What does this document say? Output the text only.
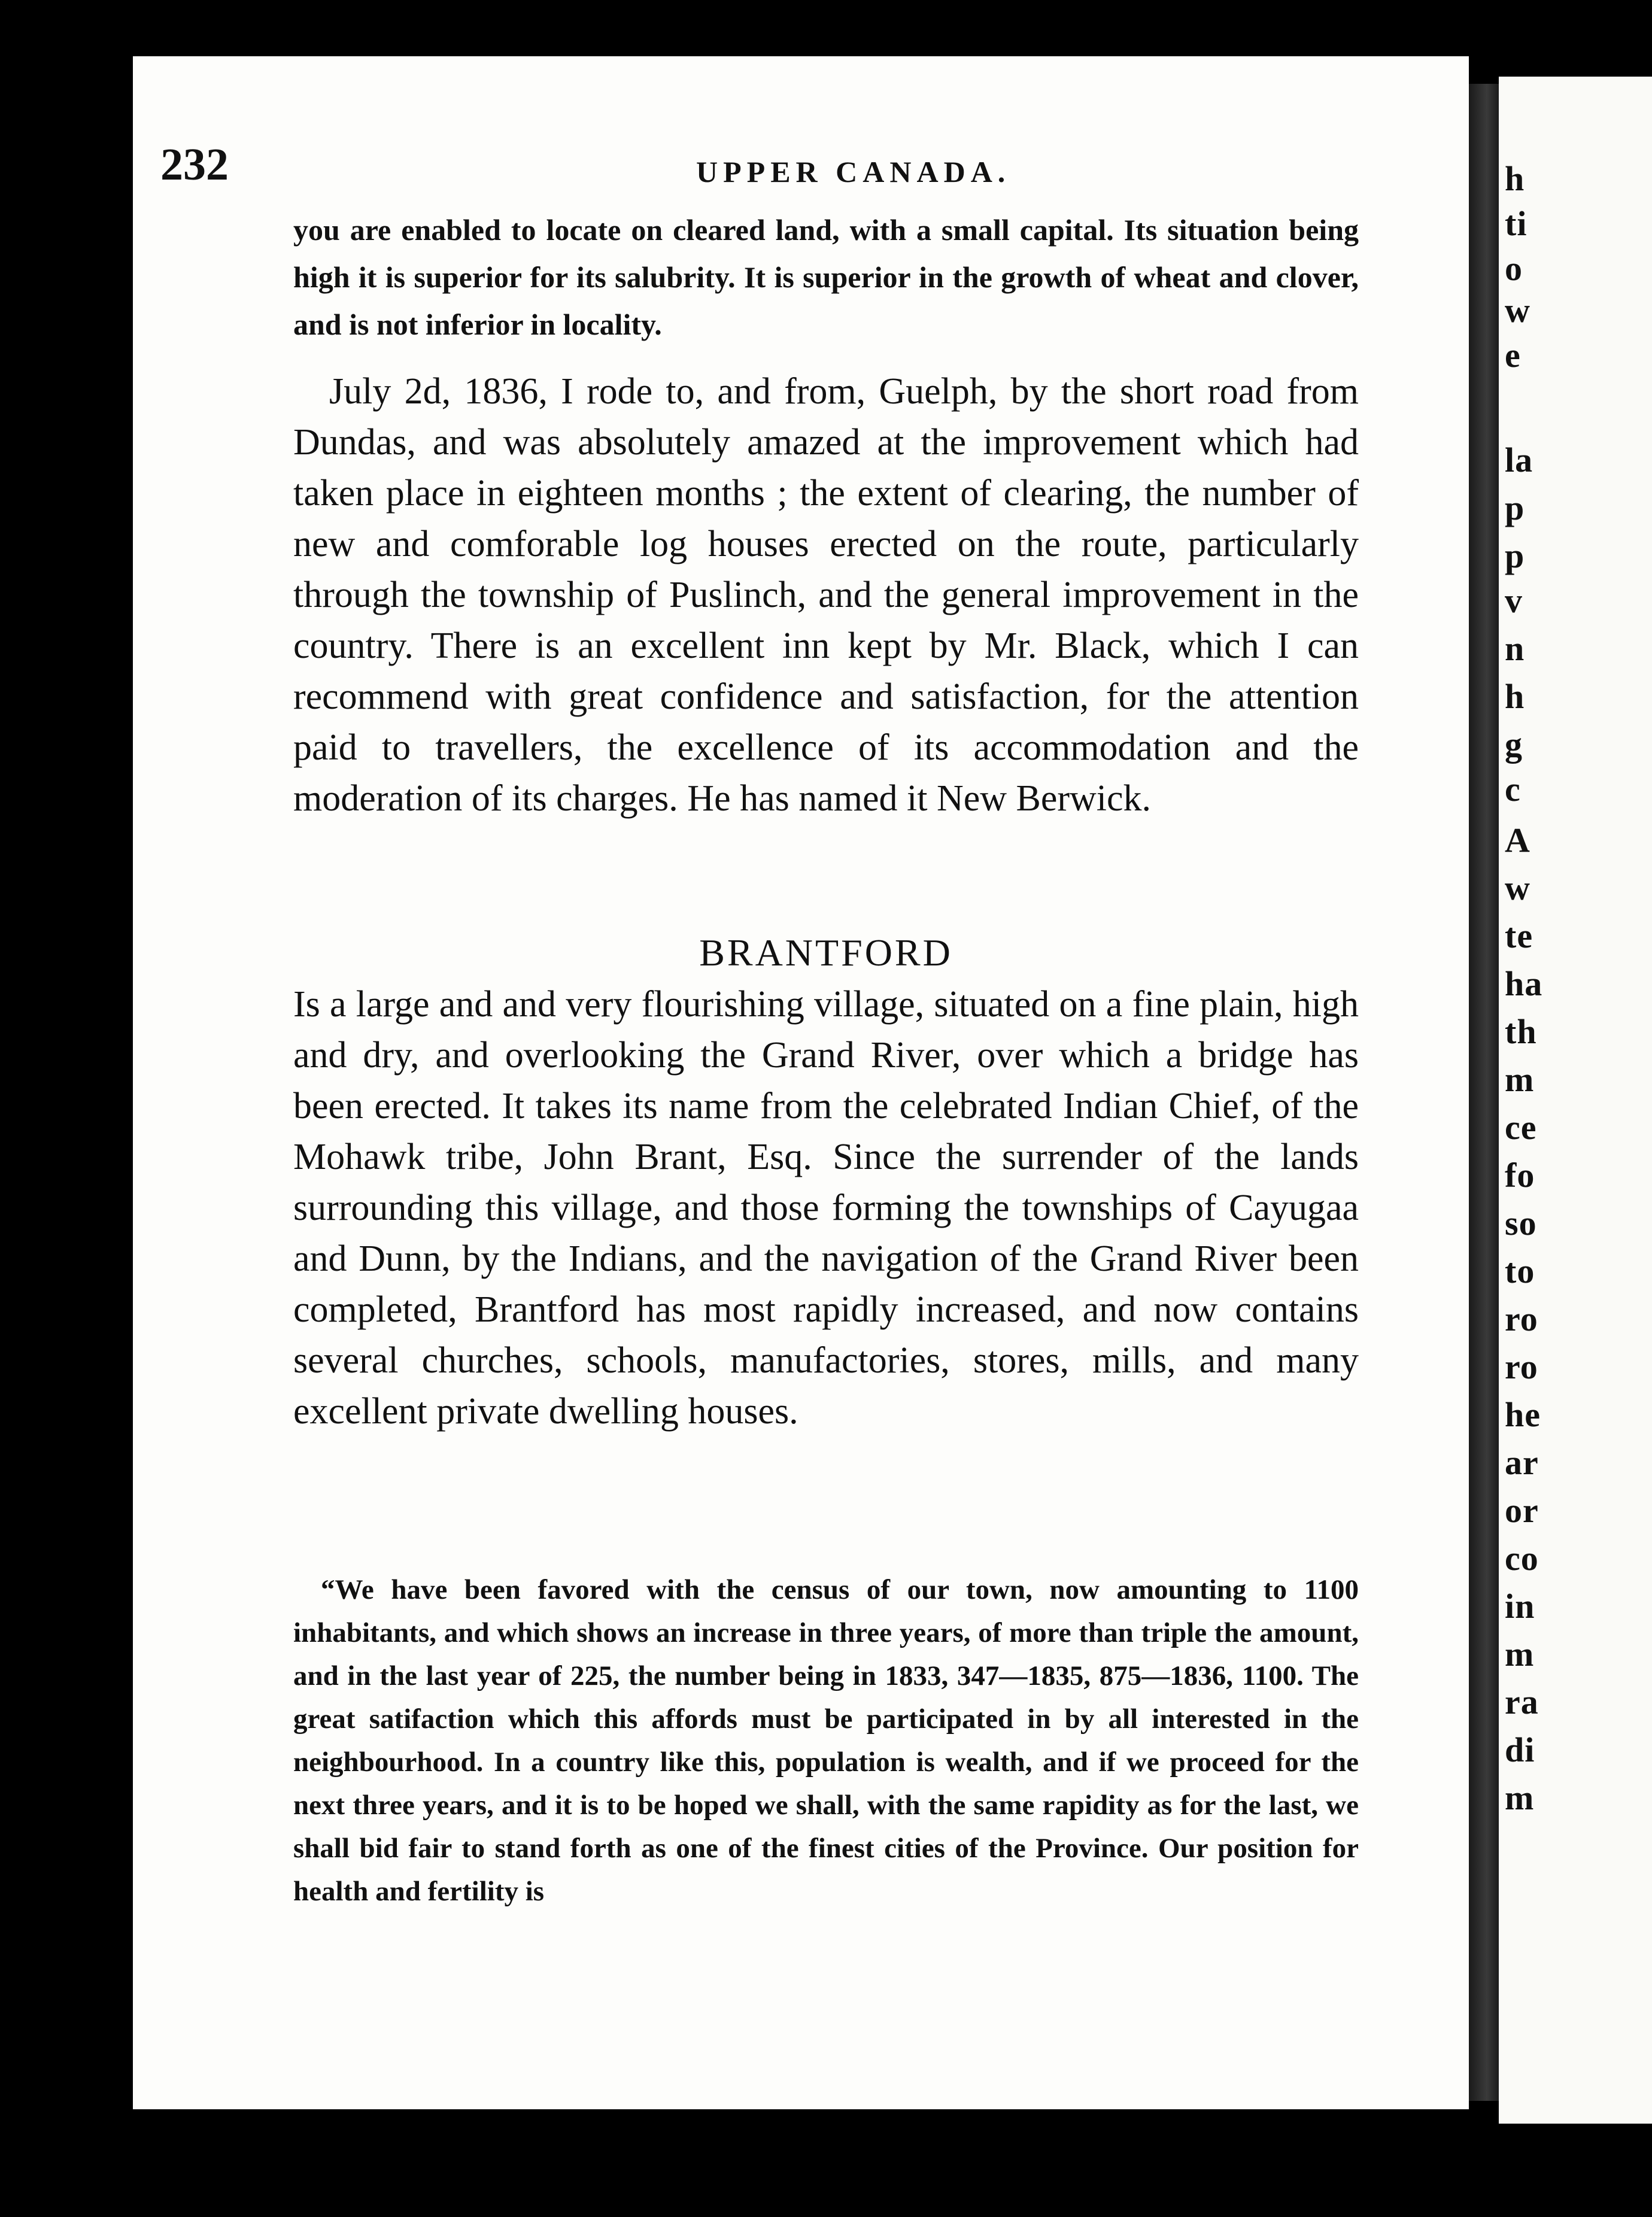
h
ti
o
w
e
la
p
p
v
n
h
g
c
A
w
te
ha
th
m
ce
fo
so
to
ro
ro
he
ar
or
co
in
m
ra
di
m
232	UPPER CANADA.

you are enabled to locate on cleared land, with a small capital. Its situation being high it is superior for its salubrity. It is superior in the growth of wheat and clover, and is not inferior in locality.

July 2d, 1836, I rode to, and from, Guelph, by the short road from Dundas, and was absolutely amazed at the improvement which had taken place in eighteen months ; the extent of clearing, the number of new and comforable log houses erected on the route, particularly through the township of Puslinch, and the general improvement in the country. There is an excellent inn kept by Mr. Black, which I can recommend with great confidence and satisfaction, for the attention paid to travellers, the excellence of its accommodation and the moderation of its charges. He has named it New Berwick.

BRANTFORD

Is a large and and very flourishing village, situated on a fine plain, high and dry, and overlooking the Grand River, over which a bridge has been erected. It takes its name from the celebrated Indian Chief, of the Mohawk tribe, John Brant, Esq. Since the surrender of the lands surrounding this village, and those forming the townships of Cayugaa and Dunn, by the Indians, and the navigation of the Grand River been completed, Brantford has most rapidly increased, and now contains several churches, schools, manufactories, stores, mills, and many excellent private dwelling houses.

“We have been favored with the census of our town, now amounting to 1100 inhabitants, and which shows an increase in three years, of more than triple the amount, and in the last year of 225, the number being in 1833, 347—1835, 875—1836, 1100. The great satifaction which this affords must be participated in by all interested in the neighbourhood. In a country like this, population is wealth, and if we proceed for the next three years, and it is to be hoped we shall, with the same rapidity as for the last, we shall bid fair to stand forth as one of the finest cities of the Province. Our position for health and fertility is
